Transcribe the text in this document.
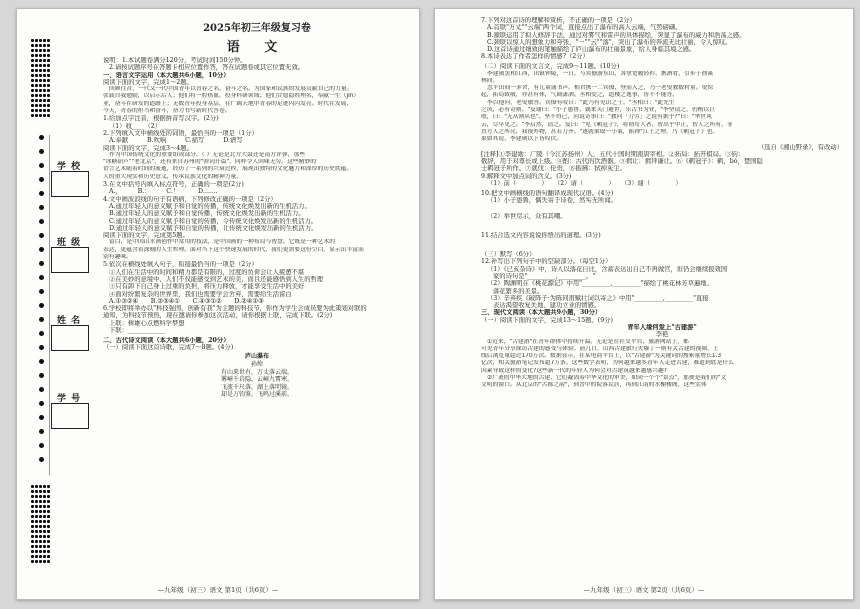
学 校
班 级
姓 名
学 号
2025年初三年级复习卷
语 文
说明：1.本试题卷满分120分，考试时间150分钟。
2.请按试题序号在答题卡相应位置作答，答在试题卷或其它位置无效。
一、语言文字运用（本大题共6小题，10分）
阅读下面的文字，完成1～2题。
回顾往昔，一代又一代中国青年以青春之名，奋斗之名，为国家和民族的发展贡献自己的力量。
张载自我勉励，以启示后人；他们将一腔热血，投身科研领域；他们甘愿隐姓埋名，奉献一生（jìn）
业，奋斗在研发的道路上；无数青年投身基层，在广阔天地中青春的足迹闪闪发亮。时代在发展，
今天，青春的担当和奋斗，奋力书写新时代答卷。
1.给加点字注音，根据拼音写汉字。(2分)
（1）收____（2）______
2.下列填入文中横线处的词语，最恰当的一项是（1分）
A.奉献　　　B.吹响　　　C.描写　　　D.谱写
阅读下面的文字，完成3～4题。
作为中国传统文化的重要组成部分，（ ）无论是北方大鼓还是南方评弹，那些
"冰糖葫芦""老北京"，还有来自苏州的"弹词开篇"，同样令人回味无穷。这些精妙的
语言艺术随着时间的流逝，经历了一系列的兴衰过程，展现出独特的文化魅力和深厚的历史底蕴。
人的重大现实和历史意义，传承民族文化的精神力量。
3.在文中括号内填入标点符号，正确的一项是(2分)
A.，　　　B.：　　　C.！　　　D.……
4.文中画波浪线的句子有语病，下列修改正确的一项是（2分）
A.通过年轻人的意义赋予和自觉的传播，传统文化焕发出新的生机活力。
B.通过年轻人的意义赋予和自觉传播，传统文化焕发出新的生机活力。
C.通过年轻人的意义赋予和自觉的传播，令传统文化焕发出新的生机活力。
D.通过年轻人的意义赋予和自觉的传播，让传统文化焕发出新的生机活力。
阅读下面的文字，完成第5题。
留白，是中国山水画创作中常用的技法，是中国画的一种布局与智慧。它既是一种艺术的
表达，更蕴含着深刻的人生哲理。面对当下这个快速发展的时代，我们更需要这份空白，显示出丰富而
别有趣味。
5.依次在横线处填入句子，衔接最恰当的一项是（2分）
①人们在生活中的时间和精力都是有限的，过度的负荷会让人疲惫不堪
②在美妙的意境中，人们不仅能感受到艺术的美，而且还能感悟到人生的哲理
③只有卸下自己身上过重的负担，将压力释放，才能享受生活中的美好
④面对纷繁复杂的世界里，我们也需要学会舍弃，需要给生活留白
A.①③②④　　B.②③④①　　C.④③①②　　D.②④①③
6.学校即将举办以"科技强国，创新有我"为主题的科技节，你作为学生会成员要为此策划对联的
通知，为科技节预热，现在邀请你参加这次活动，请你根据上联，完成下联。(2分)
上联：树雄心点燃科学梦想
下联：____________
二、古代诗文阅读（本大题共6小题，20分）
（一）阅读下面这首诗歌，完成7～8题。(4分)
庐山瀑布
孙绰
有山来世有，万丈落云端。
雾嶂千岩隐，云嶂九霄寒。
飞流千尺落，湖上落明镜。
却是万钧鉴，飞鸣过溪前。
—九年级（初三）语文 第1页（共6页）—
7.下列对这首诗的理解和赏析，不正确的一项是（2分）
A.首联"万丈""云端"两个词，直接点出了瀑布的高人云端，气势磅礴。
B.颔联运用了拟人修辞手法，通过对雾气和雷声的具体描绘，突显了瀑布的威力和浩荡之感。
C.颈联以惊人的想象力和夸张，"一""云""落"，突出了瀑布的奔流无比壮丽，令人惊叹。
D.这首诗通过细致的笔触描绘了庐山瀑布的壮丽景象，给人身临其境之感。
8.本诗表达了作者怎样的情感?（2分）
（二）阅读下面的文言文，完成9～11题。(10分)
李建勋罢相江西，出镇钟陵，一日，与宾僚游东山，各掌宽履轻衫，携酒肴，引步于渔溪
林间。
忽平田间一茅舍，有儿童诵书声。相君携一二宾僚，登而入之，乃一老叟教数村童。叟惊
起，拓局致敬，亦甚有体，气调潇洒。丞相爱之，道楼之逸事，皆不不能答。
李以他问，老叟敏答。宾僚有叹曰："此乃有见识之士。"丞相曰："此先生
之风，必有奇则。"复谢曰："小子愚鲁，偶来芙门避世，乐古书为业，"李坚请之，仍酌以巨
般，曰："无从则从也"。坚不得已，问说奇事曰："教问「刀劳」之说有据乎?"曰："华世风
云，尽早见之。"李启然，请之。复曰："见《鹌冠子》，将谓苟人者，智出乎中正，智人之所有，非
直方人之所亮，我视外物，甚若刀齐。"遂就架取一小策，振禅"江王之理，乃《鹌冠子》也。
果如其说，李建勋以下皆叹伏。
（选自《湘山野录》，有改动）
[注释]①李建勋：广陵（今江苏扬州）人，五代十国时期南唐宰相。②拓局：拓开棋局。③钧：
敬辞，用于对尊长或上级。④酌：古代的饮酒器。⑤揖让：揖拜谦让。⑥《鹌冠子》：鹌，bó，楚国隐
士鹌冠子所作。⑦就伐：伦贵，⑧振拂：拭掉灰尘。
9.解释文中加点词的含义。(3分)
（1）前（　　　　）　　（2）请（　　　　）　　（3）谢（　　　　）
10.把文中画横线的语句翻译成现代汉语。(4分)
（1）小子愚鲁，偶失寄于诗卷，然实无所闻。
（2）举世尽示，众有其嘲。
11.结合选文内容说说你悟出的道理。(3分)
（三）默写（6分）
12.补写出下列句子中的空缺部分。（每空1分）
（1）《已亥杂诗》中，诗人以落花自比，含蓄表达出自己不再做官，但仍会继续报效国
家的诗句是"_________,_________。"
（2）陶渊明在《桃花源记》中用"_________,_________"描绘了桃花林芳草遍地、
落花繁多的美景。
（3）辛弃疾《破阵子·为陈同甫赋壮词以寄之》中用"_________,_________"直接
表达渴望收复失地、建功立业的情感。
三、现代文阅读（本大题共9小题，30分）
（一）阅读下面的文字，完成13～15题。(9分)
青年人缘何爱上"古建游"
李艳
①近来，"古建游"在青年群体中持续升温。无论是在社交平台、旅游网站上，都
可见青年分享探访古建的感受与体验。前几日，山西古建旅行火爆了一则有关古建的视频，上
线后浏览量超过170万次。数据显示，在某电商平台上，以"古建游"为关键词的搜索量增长1.3
亿次，相关旅游笔记发布超7万条。这些数字表明，为何越来越多青年人走进古建，难道到底是什么
因素导致这样的变化?这些新一代的年轻人为何会对古建筑越来越感兴趣?
②广袤的中华大地的古建，它们凝固着中华文化的审美，如同一个个"景点"，那便是我们的"文
文明的窗口。从北京的"古都之韵"，到晋中的院落民居，再到江南的水榭楼阁，这些实体
—九年级（初三）语文 第2页（共6页）—
